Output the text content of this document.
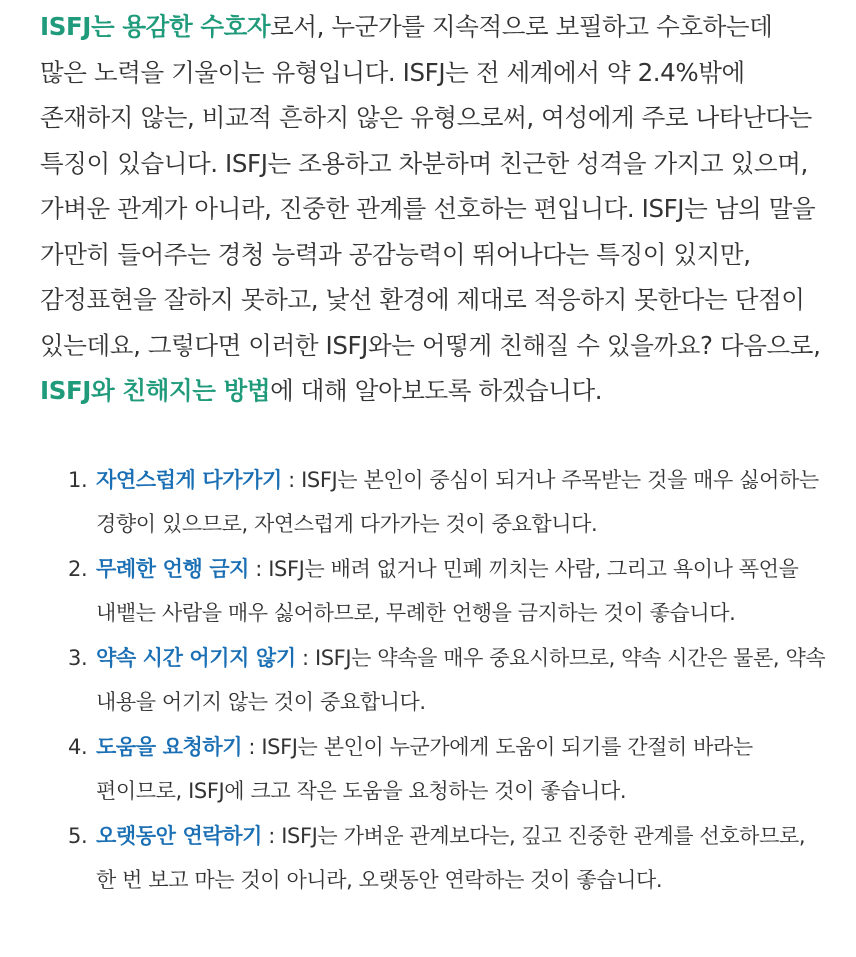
ISFJ는 용감한 수호자로서, 누군가를 지속적으로 보필하고 수호하는데 많은 노력을 기울이는 유형입니다. ISFJ는 전 세계에서 약 2.4%밖에 존재하지 않는, 비교적 흔하지 않은 유형으로써, 여성에게 주로 나타난다는 특징이 있습니다. ISFJ는 조용하고 차분하며 친근한 성격을 가지고 있으며, 가벼운 관계가 아니라, 진중한 관계를 선호하는 편입니다. ISFJ는 남의 말을 가만히 들어주는 경청 능력과 공감능력이 뛰어나다는 특징이 있지만, 감정표현을 잘하지 못하고, 낯선 환경에 제대로 적응하지 못한다는 단점이 있는데요, 그렇다면 이러한 ISFJ와는 어떻게 친해질 수 있을까요? 다음으로, ISFJ와 친해지는 방법에 대해 알아보도록 하겠습니다.

1. 자연스럽게 다가가기 : ISFJ는 본인이 중심이 되거나 주목받는 것을 매우 싫어하는 경향이 있으므로, 자연스럽게 다가가는 것이 중요합니다.
2. 무례한 언행 금지 : ISFJ는 배려 없거나 민폐 끼치는 사람, 그리고 욕이나 폭언을 내뱉는 사람을 매우 싫어하므로, 무례한 언행을 금지하는 것이 좋습니다.
3. 약속 시간 어기지 않기 : ISFJ는 약속을 매우 중요시하므로, 약속 시간은 물론, 약속 내용을 어기지 않는 것이 중요합니다.
4. 도움을 요청하기 : ISFJ는 본인이 누군가에게 도움이 되기를 간절히 바라는 편이므로, ISFJ에 크고 작은 도움을 요청하는 것이 좋습니다.
5. 오랫동안 연락하기 : ISFJ는 가벼운 관계보다는, 깊고 진중한 관계를 선호하므로, 한 번 보고 마는 것이 아니라, 오랫동안 연락하는 것이 좋습니다.
